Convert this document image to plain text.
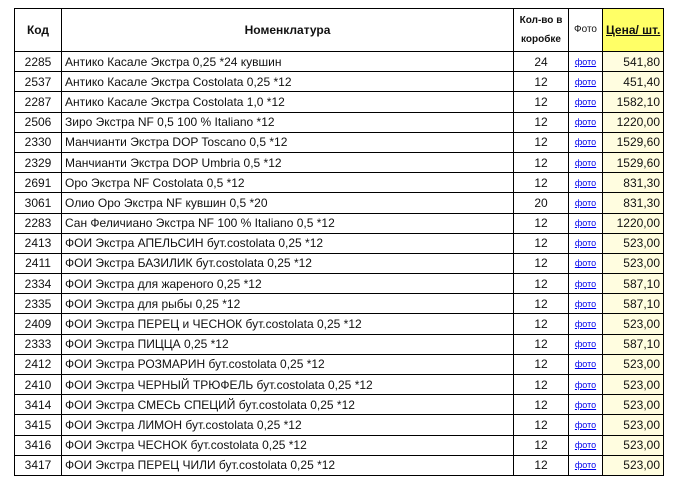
Код	Номенклатура	Кол-во в коробке	Фото	Цена/ шт.
2285	Антико Касале Экстра 0,25 *24 кувшин	24	фото	541,80
2537	Антико Касале Экстра Costolata 0,25 *12	12	фото	451,40
2287	Антико Касале Экстра Costolata 1,0 *12	12	фото	1582,10
2506	Зиро Экстра NF 0,5 100 % Italiano *12	12	фото	1220,00
2330	Манчианти Экстра DOP Toscano 0,5 *12	12	фото	1529,60
2329	Манчианти Экстра DOP Umbria 0,5 *12	12	фото	1529,60
2691	Оро Экстра NF Costolata 0,5 *12	12	фото	831,30
3061	Олио Оро Экстра NF кувшин 0,5 *20	20	фото	831,30
2283	Сан Феличиано Экстра NF 100 % Italiano 0,5 *12	12	фото	1220,00
2413	ФОИ Экстра АПЕЛЬСИН бут.costolata 0,25 *12	12	фото	523,00
2411	ФОИ Экстра БАЗИЛИК бут.costolata 0,25 *12	12	фото	523,00
2334	ФОИ Экстра для жареного 0,25 *12	12	фото	587,10
2335	ФОИ Экстра для рыбы 0,25 *12	12	фото	587,10
2409	ФОИ Экстра ПЕРЕЦ и ЧЕСНОК бут.costolata 0,25 *12	12	фото	523,00
2333	ФОИ Экстра ПИЦЦА 0,25 *12	12	фото	587,10
2412	ФОИ Экстра РОЗМАРИН бут.costolata 0,25 *12	12	фото	523,00
2410	ФОИ Экстра ЧЕРНЫЙ ТРЮФЕЛЬ бут.costolata 0,25 *12	12	фото	523,00
3414	ФОИ Экстра СМЕСЬ СПЕЦИЙ бут.costolata 0,25 *12	12	фото	523,00
3415	ФОИ Экстра ЛИМОН бут.costolata 0,25 *12	12	фото	523,00
3416	ФОИ Экстра ЧЕСНОК бут.costolata 0,25 *12	12	фото	523,00
3417	ФОИ Экстра ПЕРЕЦ ЧИЛИ бут.costolata 0,25 *12	12	фото	523,00
